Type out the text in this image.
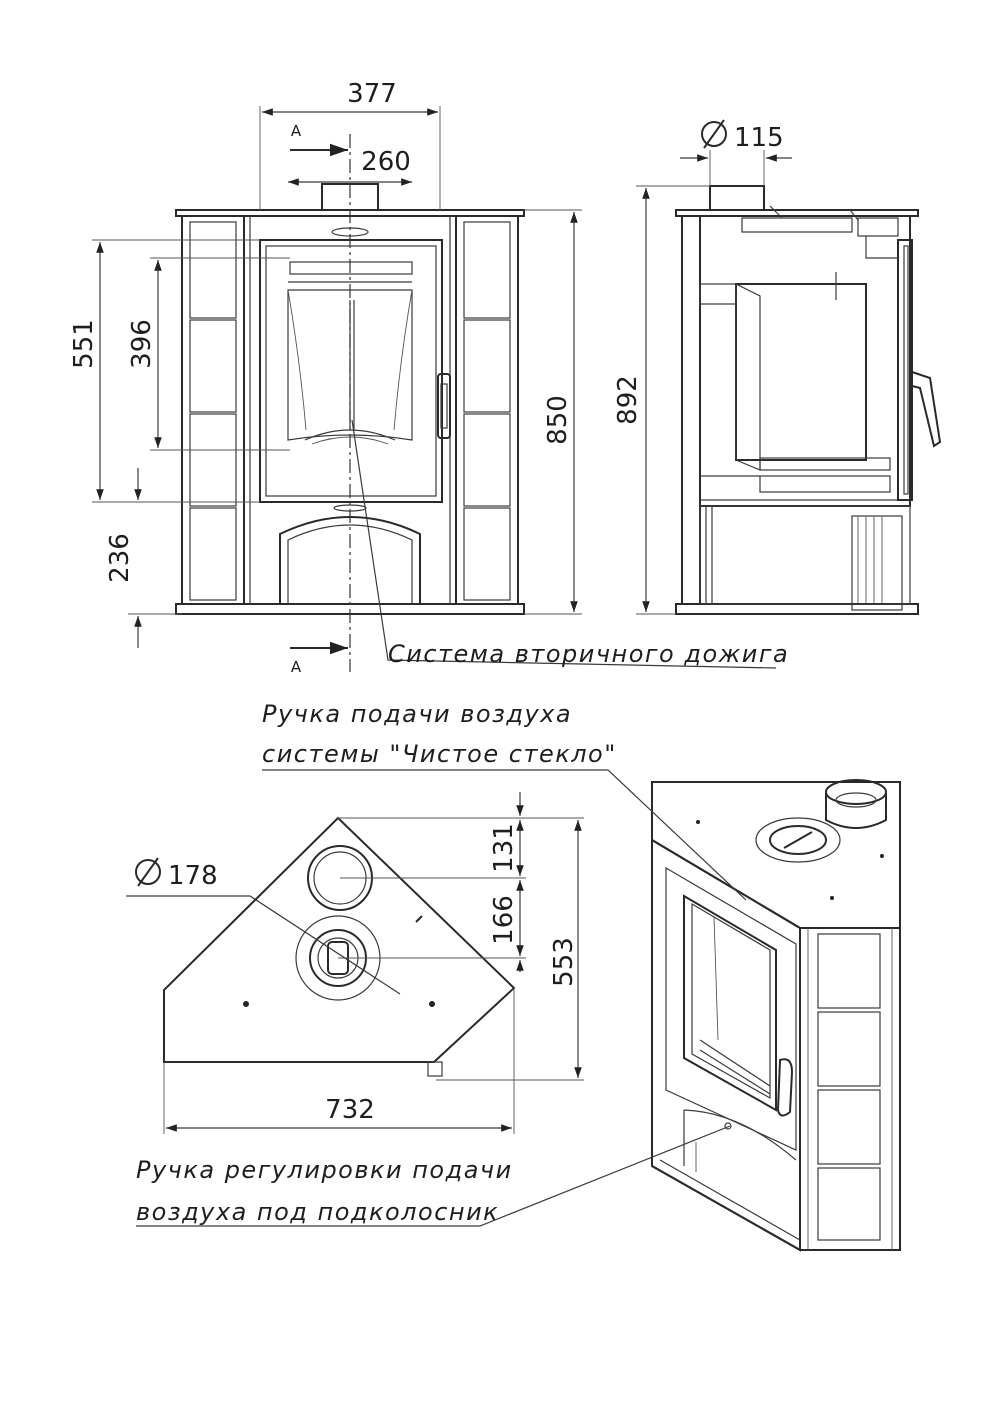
377
260
А
А
551 396
236
850 892
115
178
131
166
553
732
Система вторичного дожига
Ручка подачи воздуха
системы "Чистое стекло"
Ручка регулировки подачи
воздуха под подколосник
